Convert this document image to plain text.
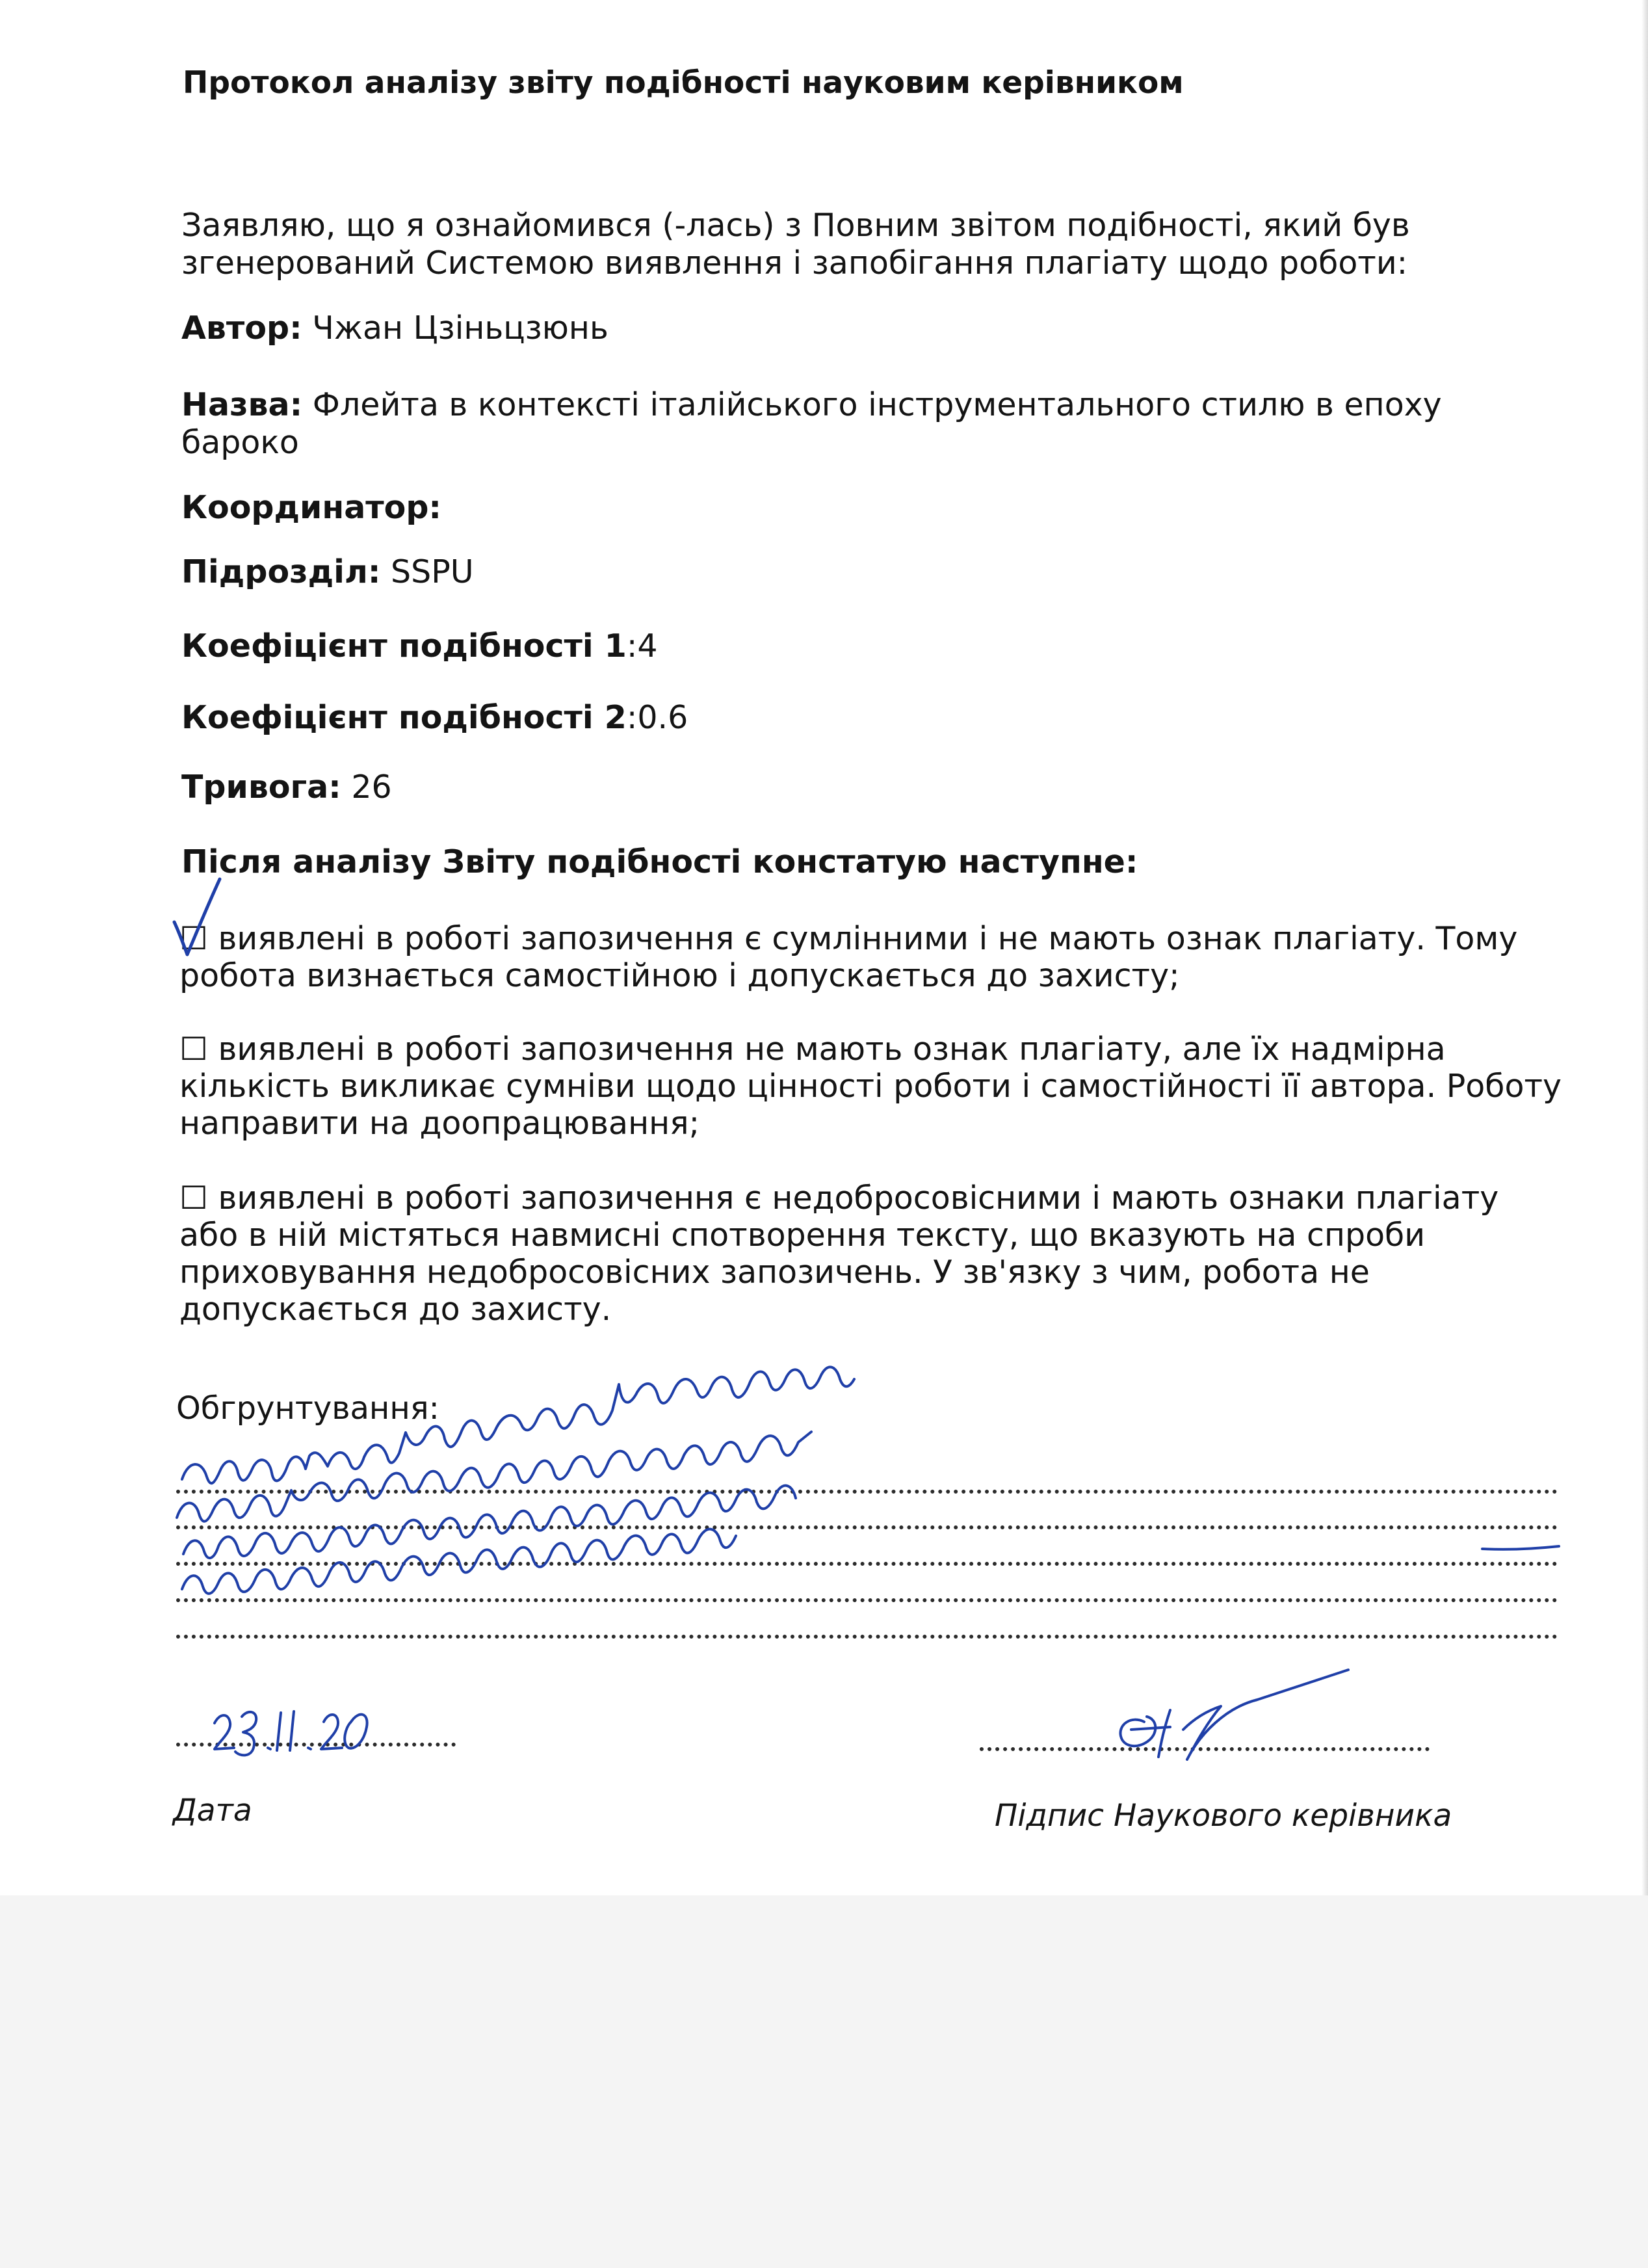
Протокол аналізу звіту подібності науковим керівником
Заявляю, що я ознайомився (-лась) з Повним звітом подібності, який був згенерований Системою виявлення і запобігання плагіату щодо роботи:
Автор: Чжан Цзіньцзюнь
Назва: Флейта в контексті італійського інструментального стилю в епоху бароко
Координатор:
Підрозділ: SSPU
Коефіцієнт подібності 1:4
Коефіцієнт подібності 2:0.6
Тривога: 26
Після аналізу Звіту подібності констатую наступне:
☐ виявлені в роботі запозичення є сумлінними і не мають ознак плагіату. Тому робота визнається самостійною і допускається до захисту;
☐ виявлені в роботі запозичення не мають ознак плагіату, але їх надмірна кількість викликає сумніви щодо цінності роботи і самостійності її автора. Роботу направити на доопрацювання;
☐ виявлені в роботі запозичення є недобросовісними і мають ознаки плагіату або в ній містяться навмисні спотворення тексту, що вказують на спроби приховування недобросовісних запозичень. У зв'язку з чим, робота не допускається до захисту.
Обгрунтування:
Дата	Підпис Наукового керівника
